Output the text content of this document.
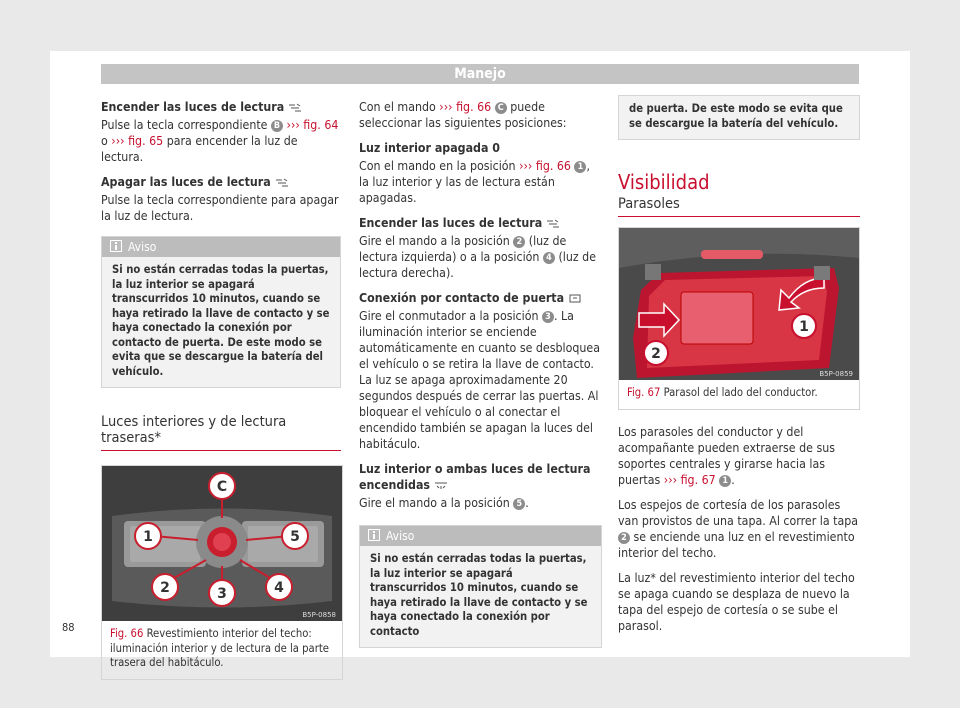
Manejo

Encender las luces de lectura

Pulse la tecla correspondiente B ››› fig. 64 o ››› fig. 65 para encender la luz de lectura.

Apagar las luces de lectura

Pulse la tecla correspondiente para apagar la luz de lectura.

Aviso
Si no están cerradas todas la puertas, la luz interior se apagará transcurridos 10 minutos, cuando se haya retirado la llave de contacto y se haya conectado la conexión por contacto de puerta. De este modo se evita que se descargue la batería del vehículo.
Luces interiores y de lectura traseras*
C
1	5
2	3	4
B5P-0858
Fig. 66 Revestimiento interior del techo: iluminación interior y de lectura de la parte trasera del habitáculo.

Con el mando ››› fig. 66 C puede seleccionar las siguientes posiciones:

Luz interior apagada 0

Con el mando en la posición ››› fig. 66 1 , la luz interior y las de lectura están apagadas.

Encender las luces de lectura

Gire el mando a la posición 2 (luz de lectura izquierda) o a la posición 4 (luz de lectura derecha).

Conexión por contacto de puerta

Gire el conmutador a la posición 3 . La iluminación interior se enciende automáticamente en cuanto se desbloquea el vehículo o se retira la llave de contacto. La luz se apaga aproximadamente 20 segundos después de cerrar las puertas. Al bloquear el vehículo o al conectar el encendido también se apagan la luces del habitáculo.

Luz interior o ambas luces de lectura encendidas

Gire el mando a la posición 5 .

Aviso
Si no están cerradas todas la puertas, la luz interior se apagará transcurridos 10 minutos, cuando se haya retirado la llave de contacto y se haya conectado la conexión por contacto
de puerta. De este modo se evita que se descargue la batería del vehículo.
Visibilidad
Parasoles
1
2
B5P-0859
Fig. 67 Parasol del lado del conductor.

Los parasoles del conductor y del acompañante pueden extraerse de sus soportes centrales y girarse hacia las puertas ››› fig. 67 1 .

Los espejos de cortesía de los parasoles van provistos de una tapa. Al correr la tapa 2 se enciende una luz en el revestimiento interior del techo.

La luz* del revestimiento interior del techo se apaga cuando se desplaza de nuevo la tapa del espejo de cortesía o se sube el parasol.

88
